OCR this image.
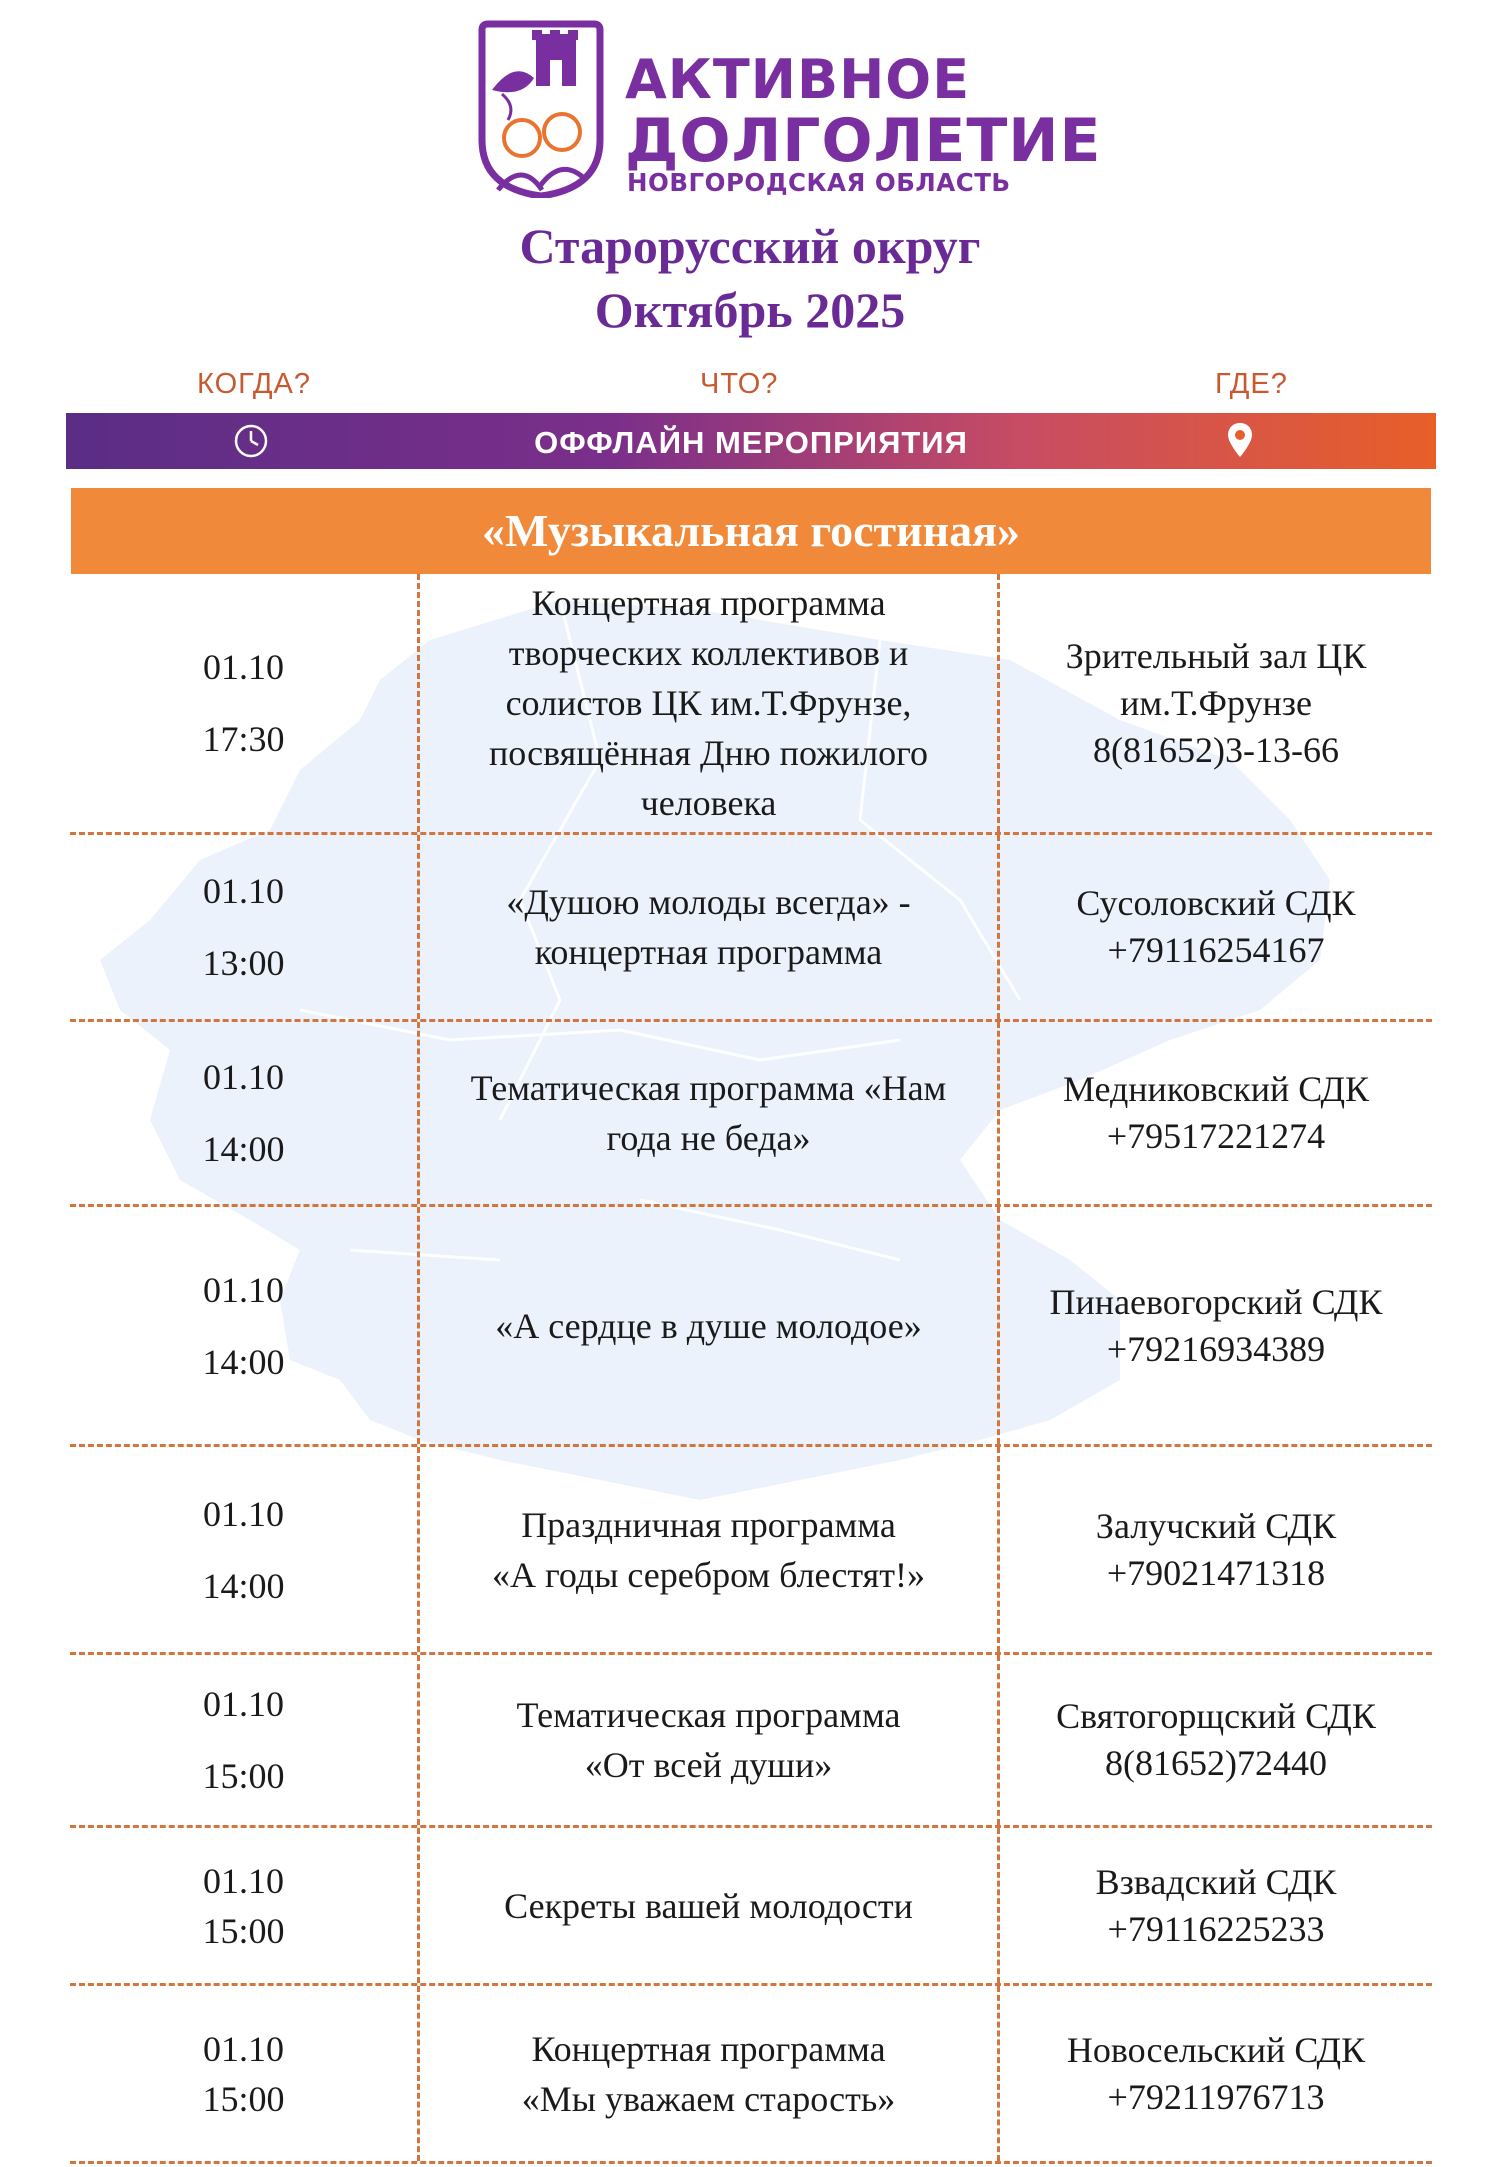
АКТИВНОЕ
ДОЛГОЛЕТИЕ
НОВГОРОДСКАЯ ОБЛАСТЬ
Старорусский округ
Октябрь 2025
КОГДА?	ЧТО?	ГДЕ?
ОФФЛАЙН МЕРОПРИЯТИЯ
«Музыкальная гостиная»
01.10
17:30
Концертная программа
творческих коллективов и
солистов ЦК им.Т.Фрунзе,
посвящённая Дню пожилого
человека
Зрительный зал ЦК
им.Т.Фрунзе
8(81652)3-13-66
01.10
13:00
«Душою молоды всегда» -
концертная программа
Сусоловский СДК
+79116254167
01.10
14:00
Тематическая программа «Нам
года не беда»
Медниковский СДК
+79517221274
01.10
14:00
«А сердце в душе молодое»
Пинаевогорский СДК
+79216934389
01.10
14:00
Праздничная программа
«А годы серебром блестят!»
Залучский СДК
+79021471318
01.10
15:00
Тематическая программа
«От всей души»
Святогорщский СДК
8(81652)72440
01.10
15:00
Секреты вашей молодости
Взвадский СДК
+79116225233
01.10
15:00
Концертная программа
«Мы уважаем старость»
Новосельский СДК
+79211976713
